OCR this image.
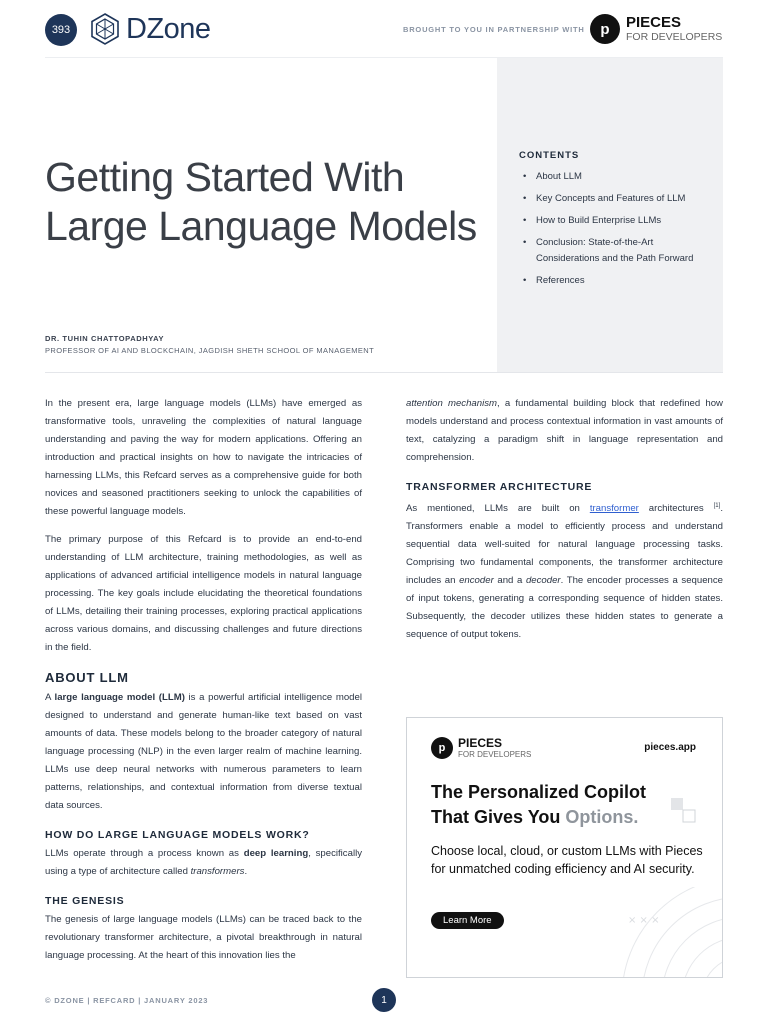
393 DZone	BROUGHT TO YOU IN PARTNERSHIP WITH	p	PIECES
FOR DEVELOPERS
CONTENTS
• About LLM
• Key Concepts and Features of LLM
• How to Build Enterprise LLMs
• Conclusion: State-of-the-Art Considerations and the Path Forward
• References
Getting Started With
Large Language Models
DR. TUHIN CHATTOPADHYAY
PROFESSOR OF AI AND BLOCKCHAIN, JAGDISH SHETH SCHOOL OF MANAGEMENT

In the present era, large language models (LLMs) have emerged as transformative tools, unraveling the complexities of natural language understanding and paving the way for modern applications. Offering an introduction and practical insights on how to navigate the intricacies of harnessing LLMs, this Refcard serves as a comprehensive guide for both novices and seasoned practitioners seeking to unlock the capabilities of these powerful language models.

The primary purpose of this Refcard is to provide an end-to-end understanding of LLM architecture, training methodologies, as well as applications of advanced artificial intelligence models in natural language processing. The key goals include elucidating the theoretical foundations of LLMs, detailing their training processes, exploring practical applications across various domains, and discussing challenges and future directions in the field.

ABOUT LLM

A large language model (LLM) is a powerful artificial intelligence model designed to understand and generate human-like text based on vast amounts of data. These models belong to the broader category of natural language processing (NLP) in the even larger realm of machine learning. LLMs use deep neural networks with numerous parameters to learn patterns, relationships, and contextual information from diverse textual data sources.

HOW DO LARGE LANGUAGE MODELS WORK?

LLMs operate through a process known as deep learning, specifically using a type of architecture called transformers.

THE GENESIS

The genesis of large language models (LLMs) can be traced back to the revolutionary transformer architecture, a pivotal breakthrough in natural language processing. At the heart of this innovation lies the

attention mechanism, a fundamental building block that redefined how models understand and process contextual information in vast amounts of text, catalyzing a paradigm shift in language representation and comprehension.

TRANSFORMER ARCHITECTURE

As mentioned, LLMs are built on transformer architectures [1]. Transformers enable a model to efficiently process and understand sequential data well-suited for natural language processing tasks. Comprising two fundamental components, the transformer architecture includes an encoder and a decoder. The encoder processes a sequence of input tokens, generating a corresponding sequence of hidden states. Subsequently, the decoder utilizes these hidden states to generate a sequence of output tokens.

p	PIECES
FOR DEVELOPERS
pieces.app
The Personalized Copilot
That Gives You Options.
Choose local, cloud, or custom LLMs with Pieces for unmatched coding efficiency and AI security.
Learn More	× × ×
© DZONE | REFCARD | JANUARY 2023	1
